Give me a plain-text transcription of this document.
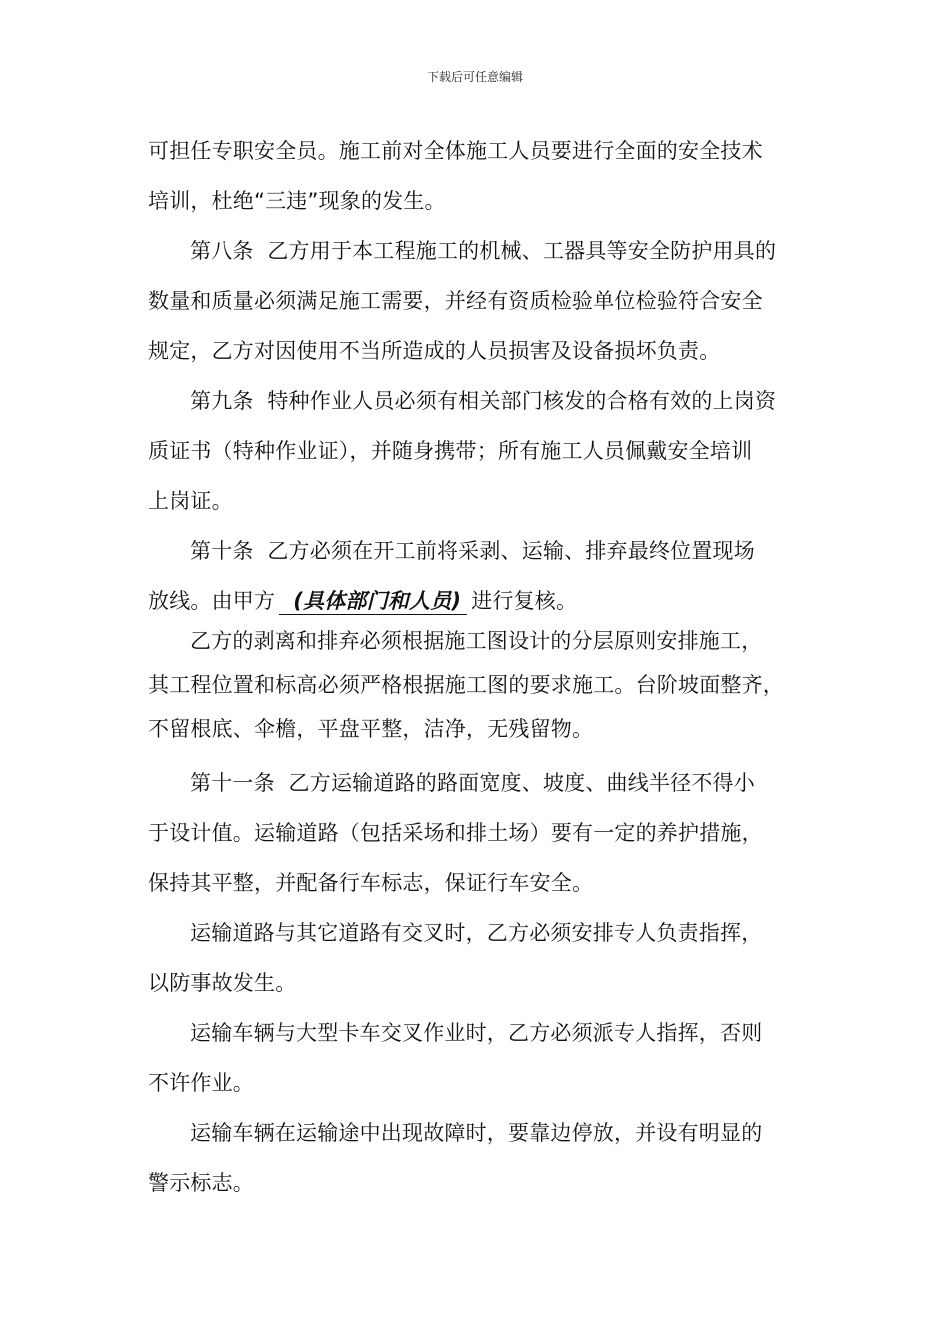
下载后可任意编辑
可担任专职安全员。施工前对全体施工人员要进行全面的安全技术
培训，杜绝“三违”现象的发生。
第八条  乙方用于本工程施工的机械、工器具等安全防护用具的
数量和质量必须满足施工需要，并经有资质检验单位检验符合安全
规定，乙方对因使用不当所造成的人员损害及设备损坏负责。
第九条  特种作业人员必须有相关部门核发的合格有效的上岗资
质证书（特种作业证），并随身携带；所有施工人员佩戴安全培训
上岗证。
第十条  乙方必须在开工前将采剥、运输、排弃最终位置现场
放线。由甲方 (具体部门和人员) 进行复核。
乙方的剥离和排弃必须根据施工图设计的分层原则安排施工，
其工程位置和标高必须严格根据施工图的要求施工。台阶坡面整齐，
不留根底、伞檐，平盘平整，洁净，无残留物。
第十一条  乙方运输道路的路面宽度、坡度、曲线半径不得小
于设计值。运输道路（包括采场和排土场）要有一定的养护措施，
保持其平整，并配备行车标志，保证行车安全。
运输道路与其它道路有交叉时，乙方必须安排专人负责指挥，
以防事故发生。
运输车辆与大型卡车交叉作业时，乙方必须派专人指挥，否则
不许作业。
运输车辆在运输途中出现故障时，要靠边停放，并设有明显的
警示标志。
